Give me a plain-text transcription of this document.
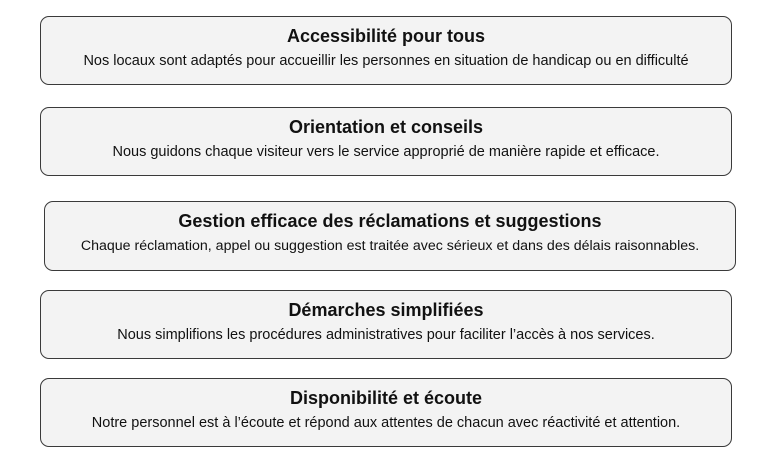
Accessibilité pour tous
Nos locaux sont adaptés pour accueillir les personnes en situation de handicap ou en difficulté
Orientation et conseils
Nous guidons chaque visiteur vers le service approprié de manière rapide et efficace.
Gestion efficace des réclamations et suggestions
Chaque réclamation, appel ou suggestion est traitée avec sérieux et dans des délais raisonnables.
Démarches simplifiées
Nous simplifions les procédures administratives pour faciliter l’accès à nos services.
Disponibilité et écoute
Notre personnel est à l’écoute et répond aux attentes de chacun avec réactivité et attention.
